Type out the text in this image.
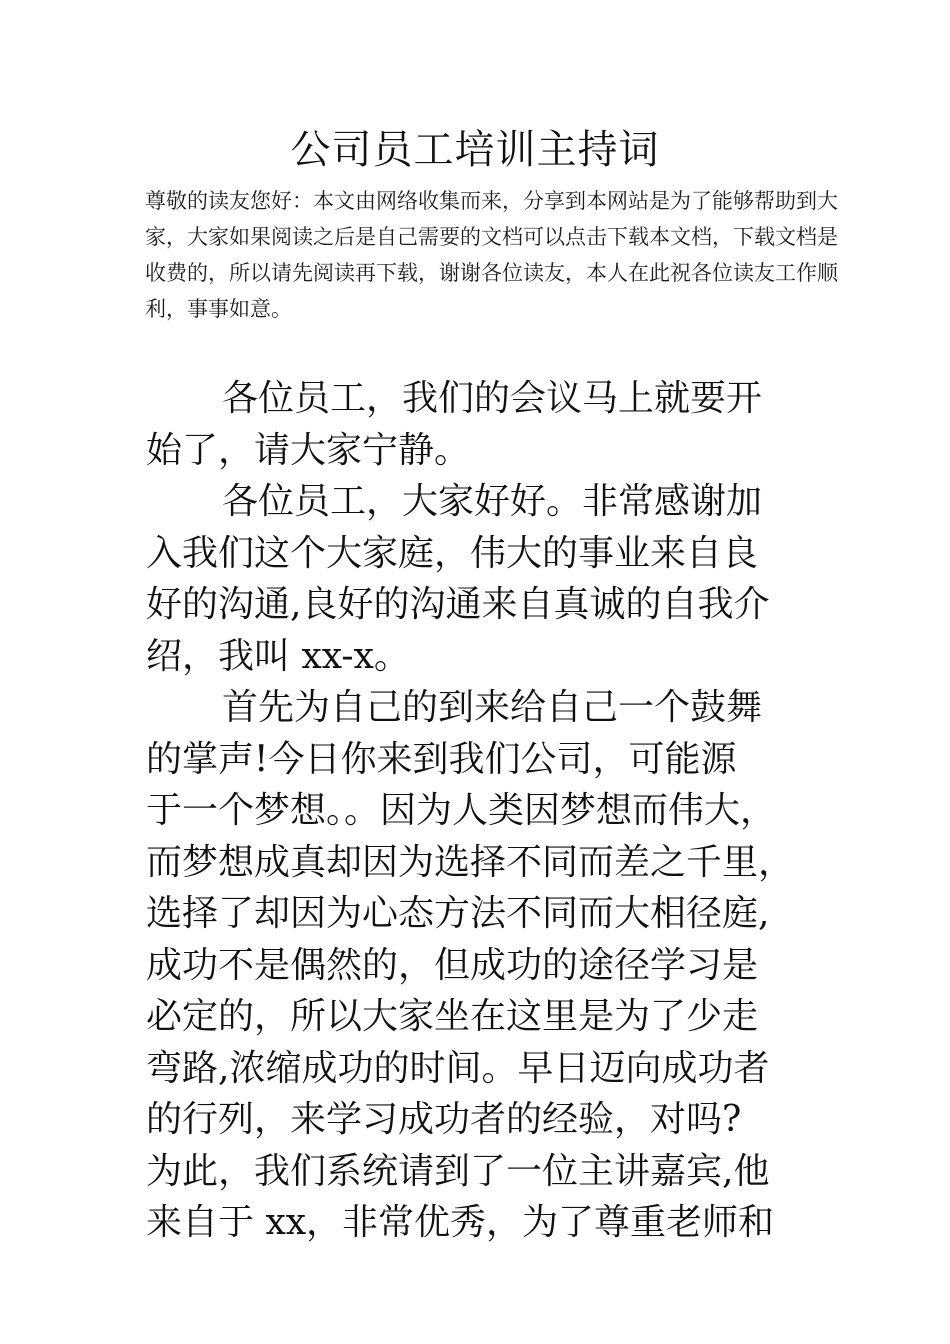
公司员工培训主持词
尊敬的读友您好：本文由网络收集而来，分享到本网站是为了能够帮助到大
家，大家如果阅读之后是自己需要的文档可以点击下载本文档，下载文档是
收费的，所以请先阅读再下载，谢谢各位读友，本人在此祝各位读友工作顺
利，事事如意。
各位员工，我们的会议马上就要开
始了，请大家宁静。
各位员工，大家好好。非常感谢加
入我们这个大家庭，伟大的事业来自良
好的沟通,良好的沟通来自真诚的自我介
绍，我叫 xx-x。
首先为自己的到来给自己一个鼓舞
的掌声!今日你来到我们公司，可能源
于一个梦想。。因为人类因梦想而伟大，
而梦想成真却因为选择不同而差之千里，
选择了却因为心态方法不同而大相径庭,
成功不是偶然的，但成功的途径学习是
必定的，所以大家坐在这里是为了少走
弯路,浓缩成功的时间。早日迈向成功者
的行列，来学习成功者的经验，对吗?
为此，我们系统请到了一位主讲嘉宾,他
来自于 xx，非常优秀，为了尊重老师和
